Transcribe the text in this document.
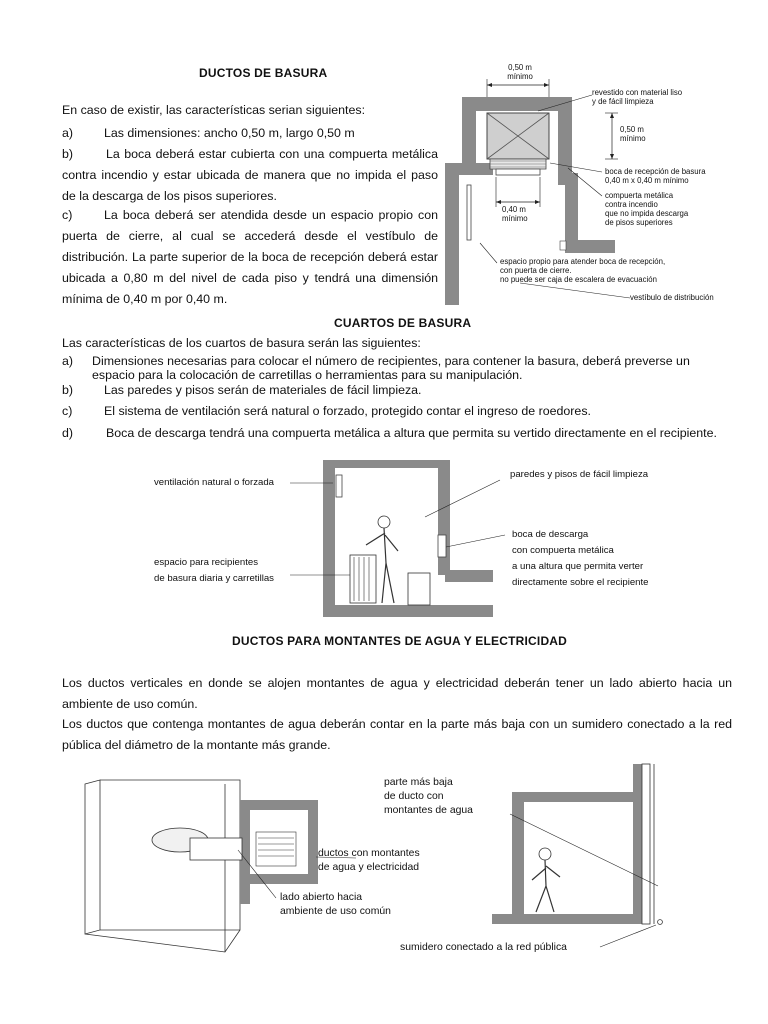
DUCTOS DE BASURA
En caso de existir, las características serian siguientes:
a)	Las dimensiones: ancho 0,50 m, largo 0,50 m
b)	La boca deberá estar cubierta con una compuerta metálica contra incendio y estar ubicada de manera que no impida el paso de la descarga de los pisos superiores.
c)	La boca deberá ser atendida desde un espacio propio con puerta de cierre, al cual se accederá desde el vestíbulo de distribución. La parte superior de la boca de recepción deberá estar ubicada a 0,80 m del nivel de cada piso y tendrá una dimensión mínima de 0,40 m por 0,40 m.
0,50 m
mínimo
0,50 m
mínimo
0,40 m
mínimo
revestido con material liso
y de fácil limpieza
boca de recepción de basura
0,40 m x 0,40 m mínimo
compuerta metálica
contra incendio
que no impida descarga
de pisos superiores
espacio propio para atender boca de recepción,
con puerta de cierre.
no puede ser caja de escalera de evacuación
vestíbulo de distribución
CUARTOS DE BASURA
Las características de los cuartos de basura serán las siguientes:
a)	Dimensiones necesarias para colocar el número de recipientes, para contener la basura, deberá preverse un espacio para la colocación de carretillas o herramientas para su manipulación.
b)	Las paredes y pisos serán de materiales de fácil limpieza.
c)	El sistema de ventilación será natural o forzado, protegido contar el ingreso de roedores.
d)	Boca de descarga tendrá una compuerta metálica a altura que permita su vertido directamente en el recipiente.
ventilación natural o forzada
espacio para recipientes
de basura diaria y carretillas
paredes y pisos de fácil limpieza
boca de descarga
con compuerta metálica
a una altura que permita verter
directamente sobre el recipiente
DUCTOS PARA MONTANTES DE AGUA Y ELECTRICIDAD
Los ductos verticales en donde se alojen montantes de agua y electricidad deberán tener un lado abierto hacia un ambiente de uso común.
Los ductos que contenga montantes de agua deberán contar en la parte más baja con un sumidero conectado a la red pública del diámetro de la montante más grande.
ductos con montantes
de agua y electricidad
lado abierto hacia
ambiente de uso común
parte más baja
de ducto con
montantes de agua
sumidero conectado a la red pública
